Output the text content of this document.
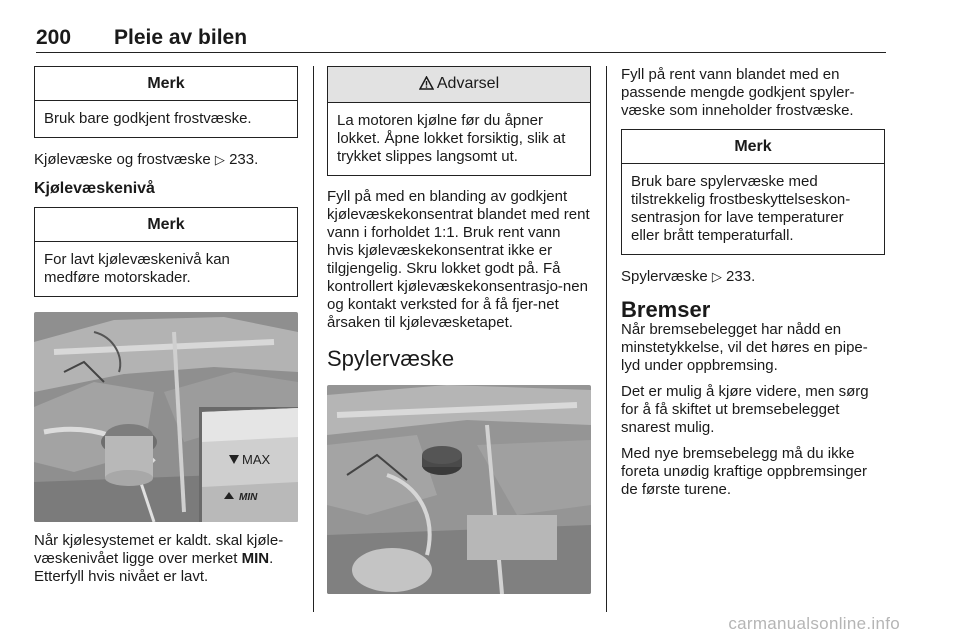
200 Pleie av bilen
Merk
Bruk bare godkjent frostvæske.

Kjølevæske og frostvæske ▷ 233.

Kjølevæskenivå

Merk
For lavt kjølevæskenivå kan medføre motorskader.
MAX
MIN

Når kjølesystemet er kaldt. skal kjøle-væskenivået ligge over merket MIN. Etterfyll hvis nivået er lavt.

Advarsel
La motoren kjølne før du åpner lokket. Åpne lokket forsiktig, slik at trykket slippes langsomt ut.

Fyll på med en blanding av godkjent kjølevæskekonsentrat blandet med rent vann i forholdet 1:1. Bruk rent vann hvis kjølevæskekonsentrat ikke er tilgjengelig. Skru lokket godt på. Få kontrollert kjølevæskekonsentrasjo-nen og kontakt verksted for å få fjer-net årsaken til kjølevæsketapet.

Spylervæske

Fyll på rent vann blandet med en passende mengde godkjent spyler-væske som inneholder frostvæske.

Merk
Bruk bare spylervæske med tilstrekkelig frostbeskyttelseskon-sentrasjon for lave temperaturer eller brått temperaturfall.

Spylervæske ▷ 233.

Bremser

Når bremsebelegget har nådd en minstetykkelse, vil det høres en pipe-lyd under oppbremsing.

Det er mulig å kjøre videre, men sørg for å få skiftet ut bremsebelegget snarest mulig.

Med nye bremsebelegg må du ikke foreta unødig kraftige oppbremsinger de første turene.

carmanualsonline.info
